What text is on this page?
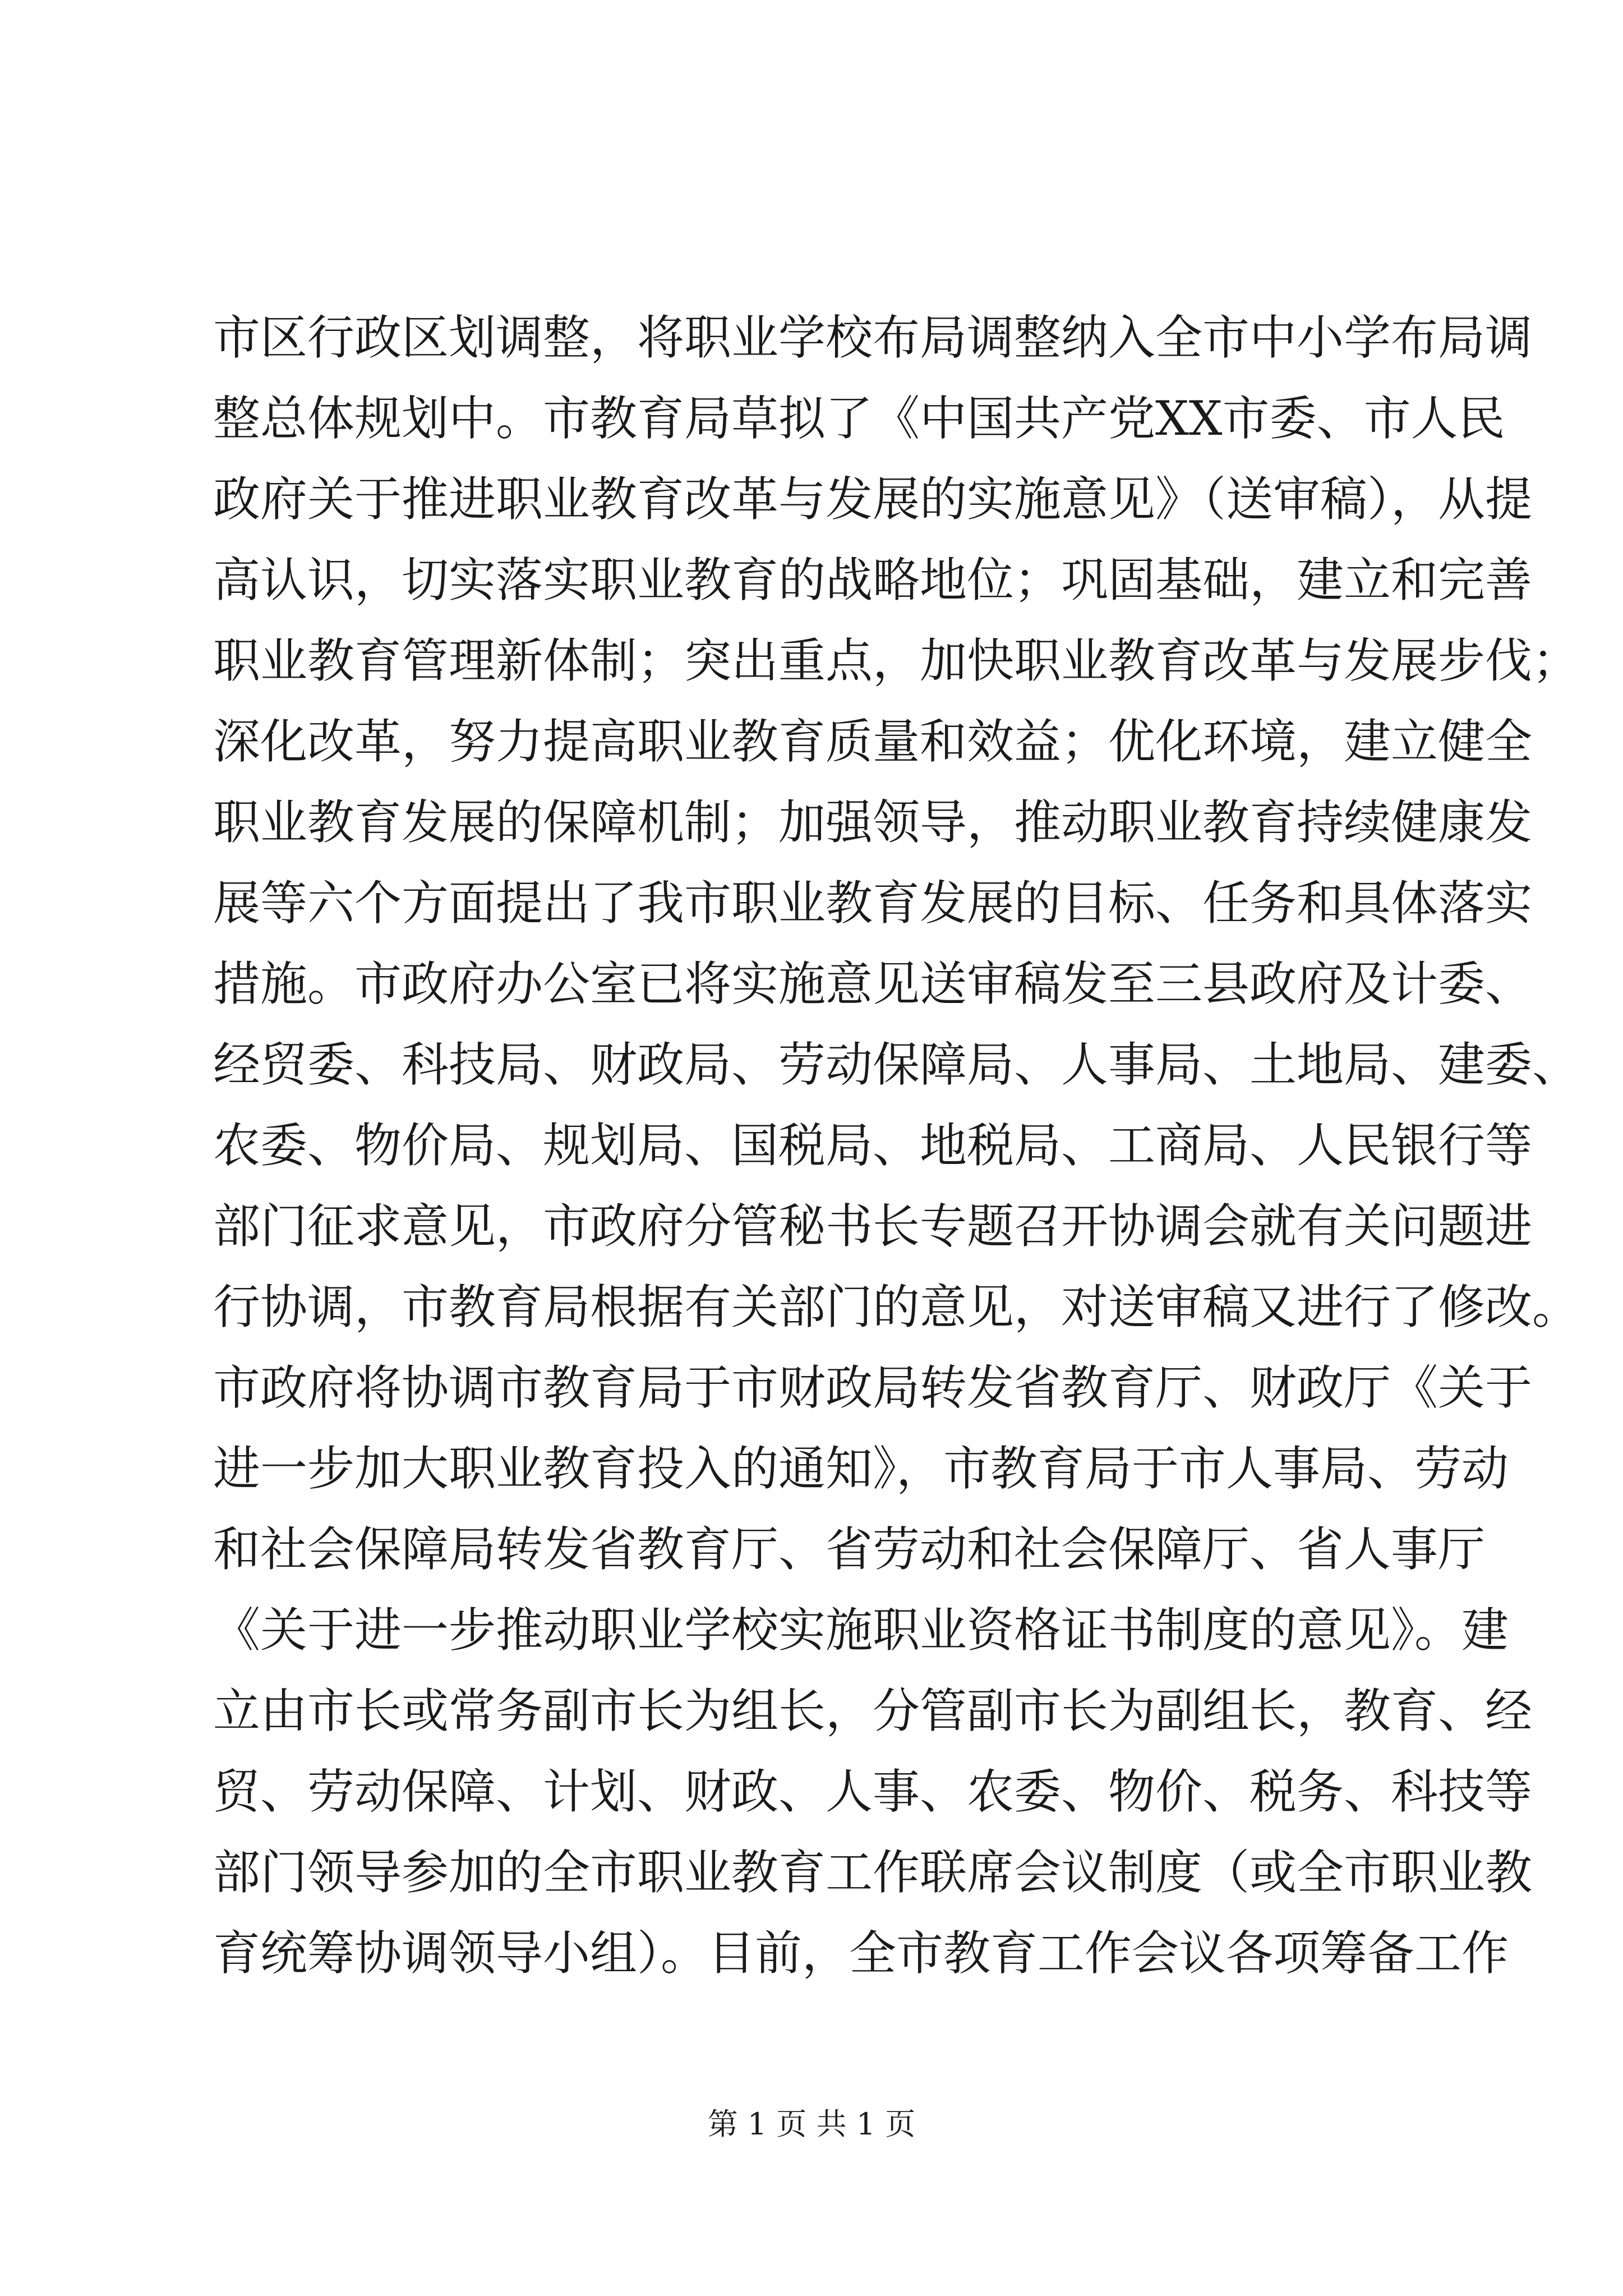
市区行政区划调整，将职业学校布局调整纳入全市中小学布局调
整总体规划中。市教育局草拟了《中国共产党XX市委、市人民
政府关于推进职业教育改革与发展的实施意见》（送审稿），从提
高认识，切实落实职业教育的战略地位；巩固基础，建立和完善
职业教育管理新体制；突出重点，加快职业教育改革与发展步伐；
深化改革，努力提高职业教育质量和效益；优化环境，建立健全
职业教育发展的保障机制；加强领导，推动职业教育持续健康发
展等六个方面提出了我市职业教育发展的目标、任务和具体落实
措施。市政府办公室已将实施意见送审稿发至三县政府及计委、
经贸委、科技局、财政局、劳动保障局、人事局、土地局、建委、
农委、物价局、规划局、国税局、地税局、工商局、人民银行等
部门征求意见，市政府分管秘书长专题召开协调会就有关问题进
行协调，市教育局根据有关部门的意见，对送审稿又进行了修改。
市政府将协调市教育局于市财政局转发省教育厅、财政厅《关于
进一步加大职业教育投入的通知》，市教育局于市人事局、劳动
和社会保障局转发省教育厅、省劳动和社会保障厅、省人事厅
《关于进一步推动职业学校实施职业资格证书制度的意见》。建
立由市长或常务副市长为组长，分管副市长为副组长，教育、经
贸、劳动保障、计划、财政、人事、农委、物价、税务、科技等
部门领导参加的全市职业教育工作联席会议制度（或全市职业教
育统筹协调领导小组）。目前，全市教育工作会议各项筹备工作
第 1 页 共 1 页
